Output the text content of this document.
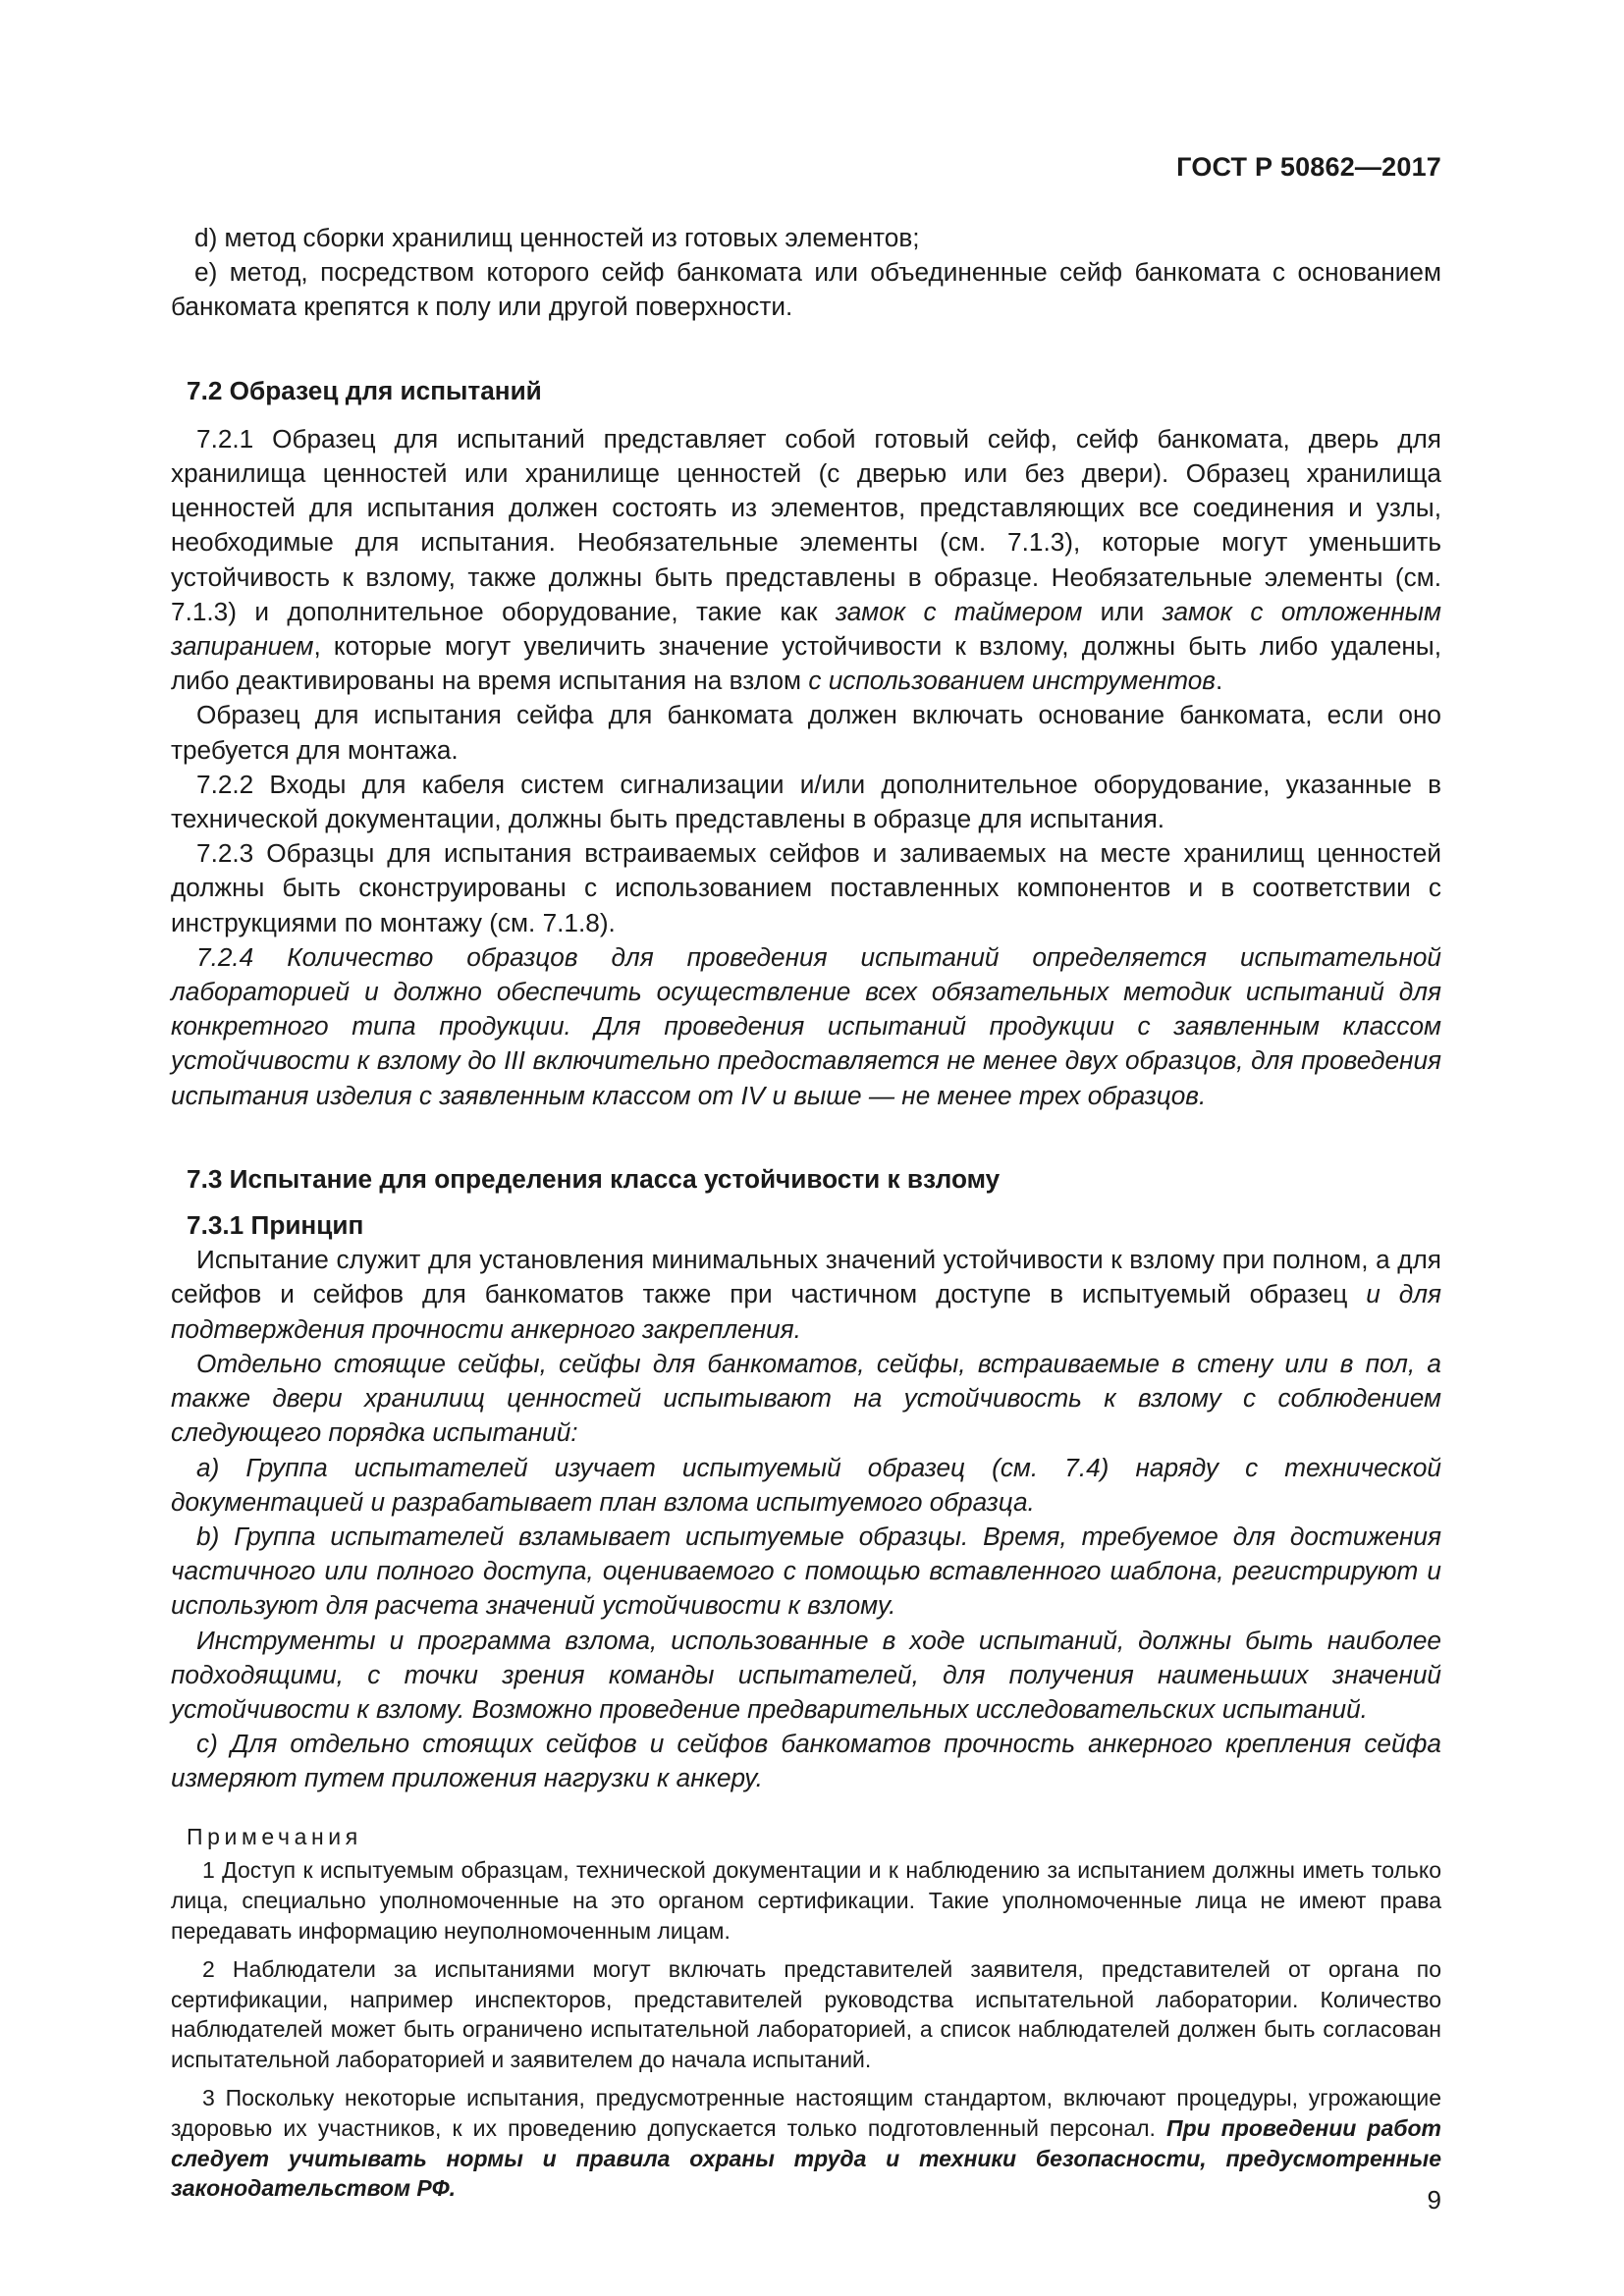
ГОСТ Р 50862—2017

d) метод сборки хранилищ ценностей из готовых элементов;

e) метод, посредством которого сейф банкомата или объединенные сейф банкомата с основанием банкомата крепятся к полу или другой поверхности.

7.2 Образец для испытаний

7.2.1 Образец для испытаний представляет собой готовый сейф, сейф банкомата, дверь для хранилища ценностей или хранилище ценностей (с дверью или без двери). Образец хранилища ценностей для испытания должен состоять из элементов, представляющих все соединения и узлы, необходимые для испытания. Необязательные элементы (см. 7.1.3), которые могут уменьшить устойчивость к взлому, также должны быть представлены в образце. Необязательные элементы (см. 7.1.3) и дополнительное оборудование, такие как замок с таймером или замок с отложенным запиранием, которые могут увеличить значение устойчивости к взлому, должны быть либо удалены, либо деактивированы на время испытания на взлом с использованием инструментов.

Образец для испытания сейфа для банкомата должен включать основание банкомата, если оно требуется для монтажа.

7.2.2 Входы для кабеля систем сигнализации и/или дополнительное оборудование, указанные в технической документации, должны быть представлены в образце для испытания.

7.2.3 Образцы для испытания встраиваемых сейфов и заливаемых на месте хранилищ ценностей должны быть сконструированы с использованием поставленных компонентов и в соответствии с инструкциями по монтажу (см. 7.1.8).

7.2.4 Количество образцов для проведения испытаний определяется испытательной лабораторией и должно обеспечить осуществление всех обязательных методик испытаний для конкретного типа продукции. Для проведения испытаний продукции с заявленным классом устойчивости к взлому до III включительно предоставляется не менее двух образцов, для проведения испытания изделия с заявленным классом от IV и выше — не менее трех образцов.

7.3 Испытание для определения класса устойчивости к взлому
7.3.1 Принцип

Испытание служит для установления минимальных значений устойчивости к взлому при полном, а для сейфов и сейфов для банкоматов также при частичном доступе в испытуемый образец и для подтверждения прочности анкерного закрепления.

Отдельно стоящие сейфы, сейфы для банкоматов, сейфы, встраиваемые в стену или в пол, а также двери хранилищ ценностей испытывают на устойчивость к взлому с соблюдением следующего порядка испытаний:

a) Группа испытателей изучает испытуемый образец (см. 7.4) наряду с технической документацией и разрабатывает план взлома испытуемого образца.

b) Группа испытателей взламывает испытуемые образцы. Время, требуемое для достижения частичного или полного доступа, оцениваемого с помощью вставленного шаблона, регистрируют и используют для расчета значений устойчивости к взлому.

Инструменты и программа взлома, использованные в ходе испытаний, должны быть наиболее подходящими, с точки зрения команды испытателей, для получения наименьших значений устойчивости к взлому. Возможно проведение предварительных исследовательских испытаний.

c) Для отдельно стоящих сейфов и сейфов банкоматов прочность анкерного крепления сейфа измеряют путем приложения нагрузки к анкеру.

Примечания

1 Доступ к испытуемым образцам, технической документации и к наблюдению за испытанием должны иметь только лица, специально уполномоченные на это органом сертификации. Такие уполномоченные лица не имеют права передавать информацию неуполномоченным лицам.

2 Наблюдатели за испытаниями могут включать представителей заявителя, представителей от органа по сертификации, например инспекторов, представителей руководства испытательной лаборатории. Количество наблюдателей может быть ограничено испытательной лабораторией, а список наблюдателей должен быть согласован испытательной лабораторией и заявителем до начала испытаний.

3 Поскольку некоторые испытания, предусмотренные настоящим стандартом, включают процедуры, угрожающие здоровью их участников, к их проведению допускается только подготовленный персонал. При проведении работ следует учитывать нормы и правила охраны труда и техники безопасности, предусмотренные законодательством РФ.	9
